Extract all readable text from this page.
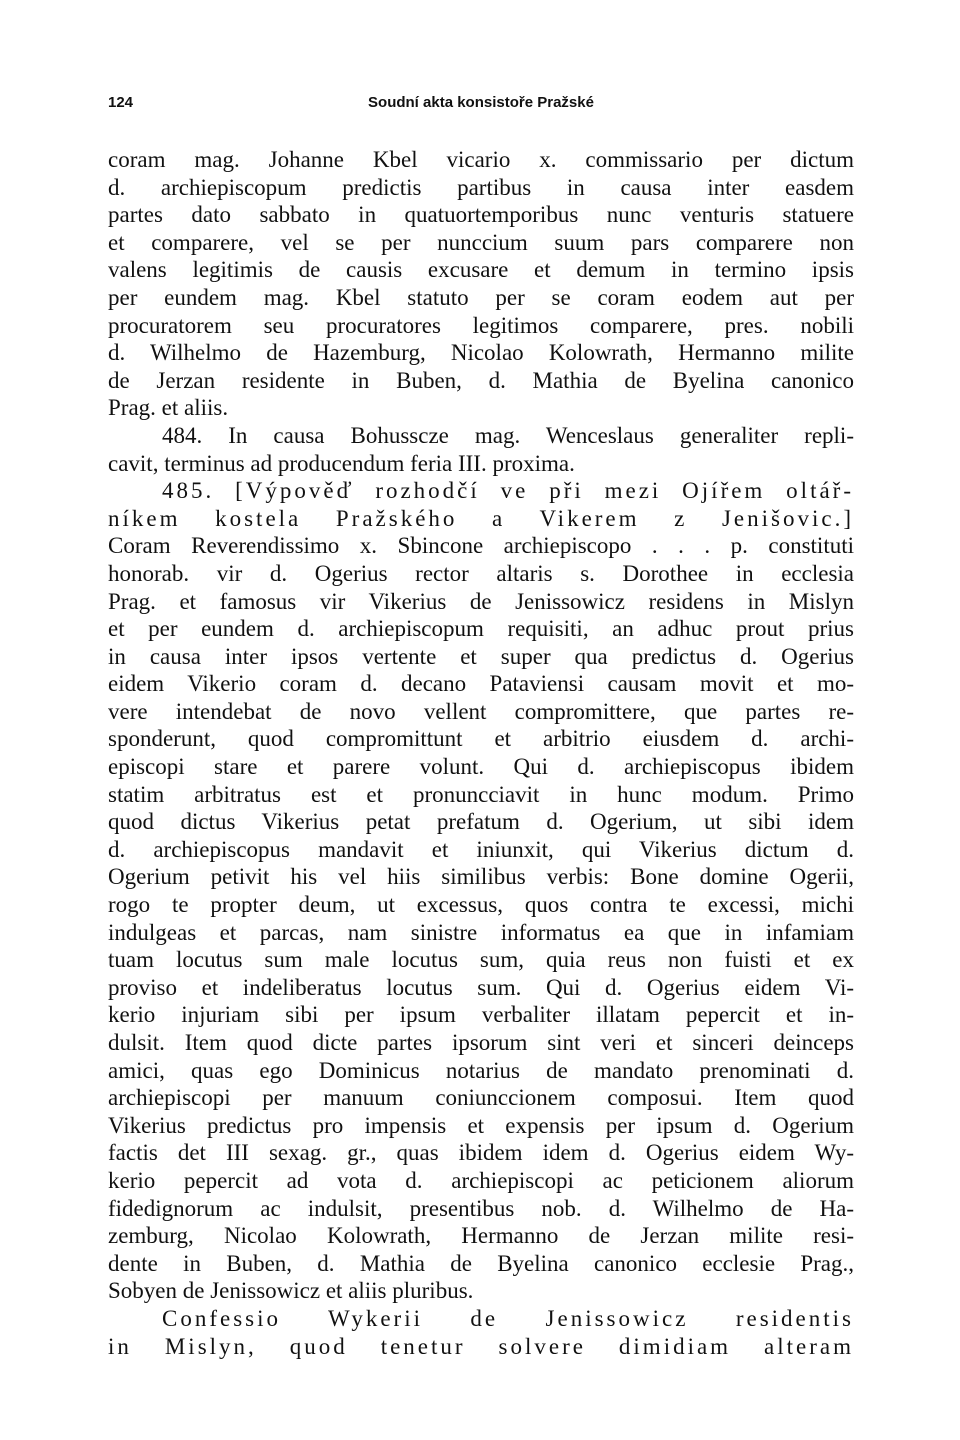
124	Soudní akta konsistoře Pražské
coram mag. Johanne Kbel vicario x. commissario per dictum
d. archiepiscopum predictis partibus in causa inter easdem
partes dato sabbato in quatuortemporibus nunc venturis statuere
et comparere, vel se per nunccium suum pars comparere non
valens legitimis de causis excusare et demum in termino ipsis
per eundem mag. Kbel statuto per se coram eodem aut per
procuratorem seu procuratores legitimos comparere, pres. nobili
d. Wilhelmo de Hazemburg, Nicolao Kolowrath, Hermanno milite
de Jerzan residente in Buben, d. Mathia de Byelina canonico
Prag. et aliis.
484. In causa Bohusscze mag. Wenceslaus generaliter repli-
cavit, terminus ad producendum feria III. proxima.
485. [Výpověď rozhodčí ve při mezi Ojířem oltář-
níkem kostela Pražského a Vikerem z Jenišovic.]
Coram Reverendissimo x. Sbincone archiepiscopo . . . p. constituti
honorab. vir d. Ogerius rector altaris s. Dorothee in ecclesia
Prag. et famosus vir Vikerius de Jenissowicz residens in Mislyn
et per eundem d. archiepiscopum requisiti, an adhuc prout prius
in causa inter ipsos vertente et super qua predictus d. Ogerius
eidem Vikerio coram d. decano Pataviensi causam movit et mo-
vere intendebat de novo vellent compromittere, que partes re-
sponderunt, quod compromittunt et arbitrio eiusdem d. archi-
episcopi stare et parere volunt. Qui d. archiepiscopus ibidem
statim arbitratus est et pronuncciavit in hunc modum. Primo
quod dictus Vikerius petat prefatum d. Ogerium, ut sibi idem
d. archiepiscopus mandavit et iniunxit, qui Vikerius dictum d.
Ogerium petivit his vel hiis similibus verbis: Bone domine Ogerii,
rogo te propter deum, ut excessus, quos contra te excessi, michi
indulgeas et parcas, nam sinistre informatus ea que in infamiam
tuam locutus sum male locutus sum, quia reus non fuisti et ex
proviso et indeliberatus locutus sum. Qui d. Ogerius eidem Vi-
kerio injuriam sibi per ipsum verbaliter illatam pepercit et in-
dulsit. Item quod dicte partes ipsorum sint veri et sinceri deinceps
amici, quas ego Dominicus notarius de mandato prenominati d.
archiepiscopi per manuum coniunccionem composui. Item quod
Vikerius predictus pro impensis et expensis per ipsum d. Ogerium
factis det III sexag. gr., quas ibidem idem d. Ogerius eidem Wy-
kerio pepercit ad vota d. archiepiscopi ac peticionem aliorum
fidedignorum ac indulsit, presentibus nob. d. Wilhelmo de Ha-
zemburg, Nicolao Kolowrath, Hermanno de Jerzan milite resi-
dente in Buben, d. Mathia de Byelina canonico ecclesie Prag.,
Sobyen de Jenissowicz et aliis pluribus.
Confessio Wykerii de Jenissowicz residentis
in Mislyn, quod tenetur solvere dimidiam alteram
